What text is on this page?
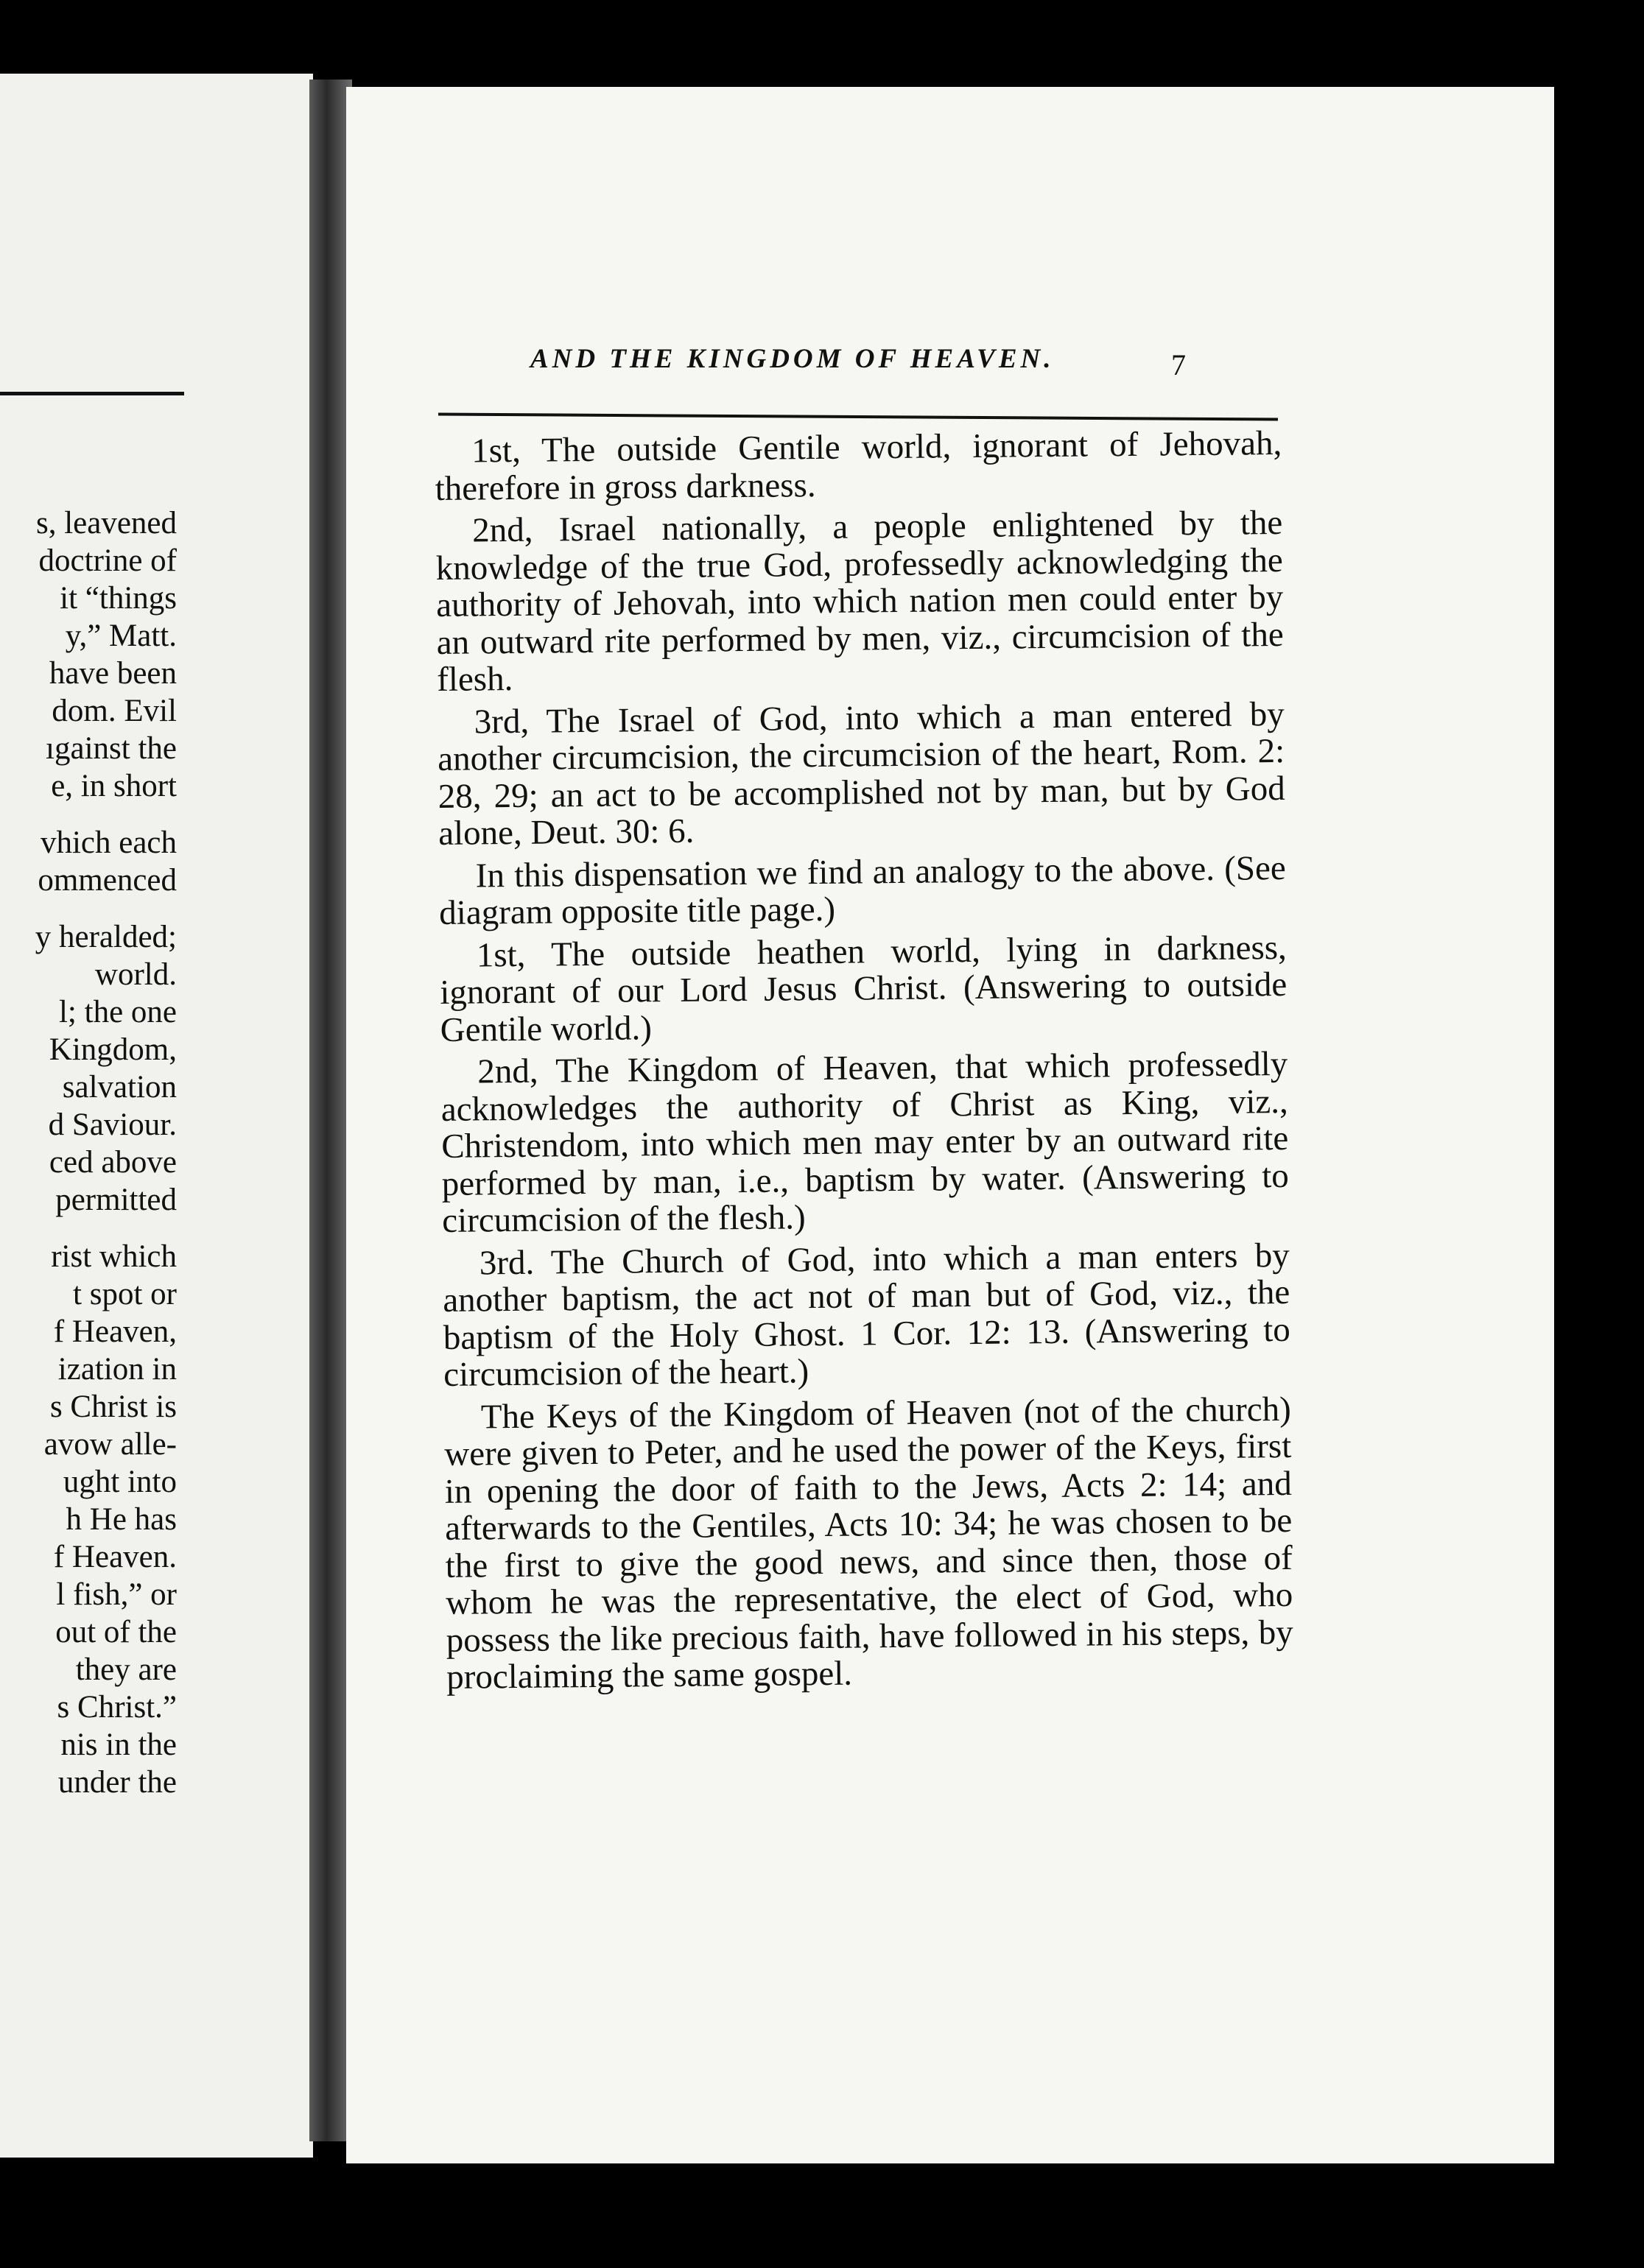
s, leavened
doctrine of
it “things
y,” Matt.
have been
dom. Evil
ıgainst the
e, in short
vhich each
ommenced
y heralded;
world.
l; the one
Kingdom,
salvation
d Saviour.
ced above
permitted
rist which
t spot or
f Heaven,
ization in
s Christ is
avow alle-
ught into
h He has
f Heaven.
l fish,” or
out of the
they are
s Christ.”
nis in the
under the
AND THE KINGDOM OF HEAVEN.	7

1st, The outside Gentile world, ignorant of Jehovah, therefore in gross darkness.

2nd, Israel nationally, a people enlightened by the knowledge of the true God, professedly acknowledging the authority of Jehovah, into which nation men could enter by an outward rite performed by men, viz., circumcision of the flesh.

3rd, The Israel of God, into which a man entered by another circumcision, the circumcision of the heart, Rom. 2: 28, 29; an act to be accomplished not by man, but by God alone, Deut. 30: 6.

In this dispensation we find an analogy to the above. (See diagram opposite title page.)

1st, The outside heathen world, lying in darkness, ignorant of our Lord Jesus Christ. (Answering to outside Gentile world.)

2nd, The Kingdom of Heaven, that which professedly acknowledges the authority of Christ as King, viz., Christendom, into which men may enter by an outward rite performed by man, i.e., baptism by water. (Answering to circumcision of the flesh.)

3rd. The Church of God, into which a man enters by another baptism, the act not of man but of God, viz., the baptism of the Holy Ghost. 1 Cor. 12: 13. (Answering to circumcision of the heart.)

The Keys of the Kingdom of Heaven (not of the church) were given to Peter, and he used the power of the Keys, first in opening the door of faith to the Jews, Acts 2: 14; and afterwards to the Gentiles, Acts 10: 34; he was chosen to be the first to give the good news, and since then, those of whom he was the representative, the elect of God, who possess the like precious faith, have followed in his steps, by proclaiming the same gospel.
